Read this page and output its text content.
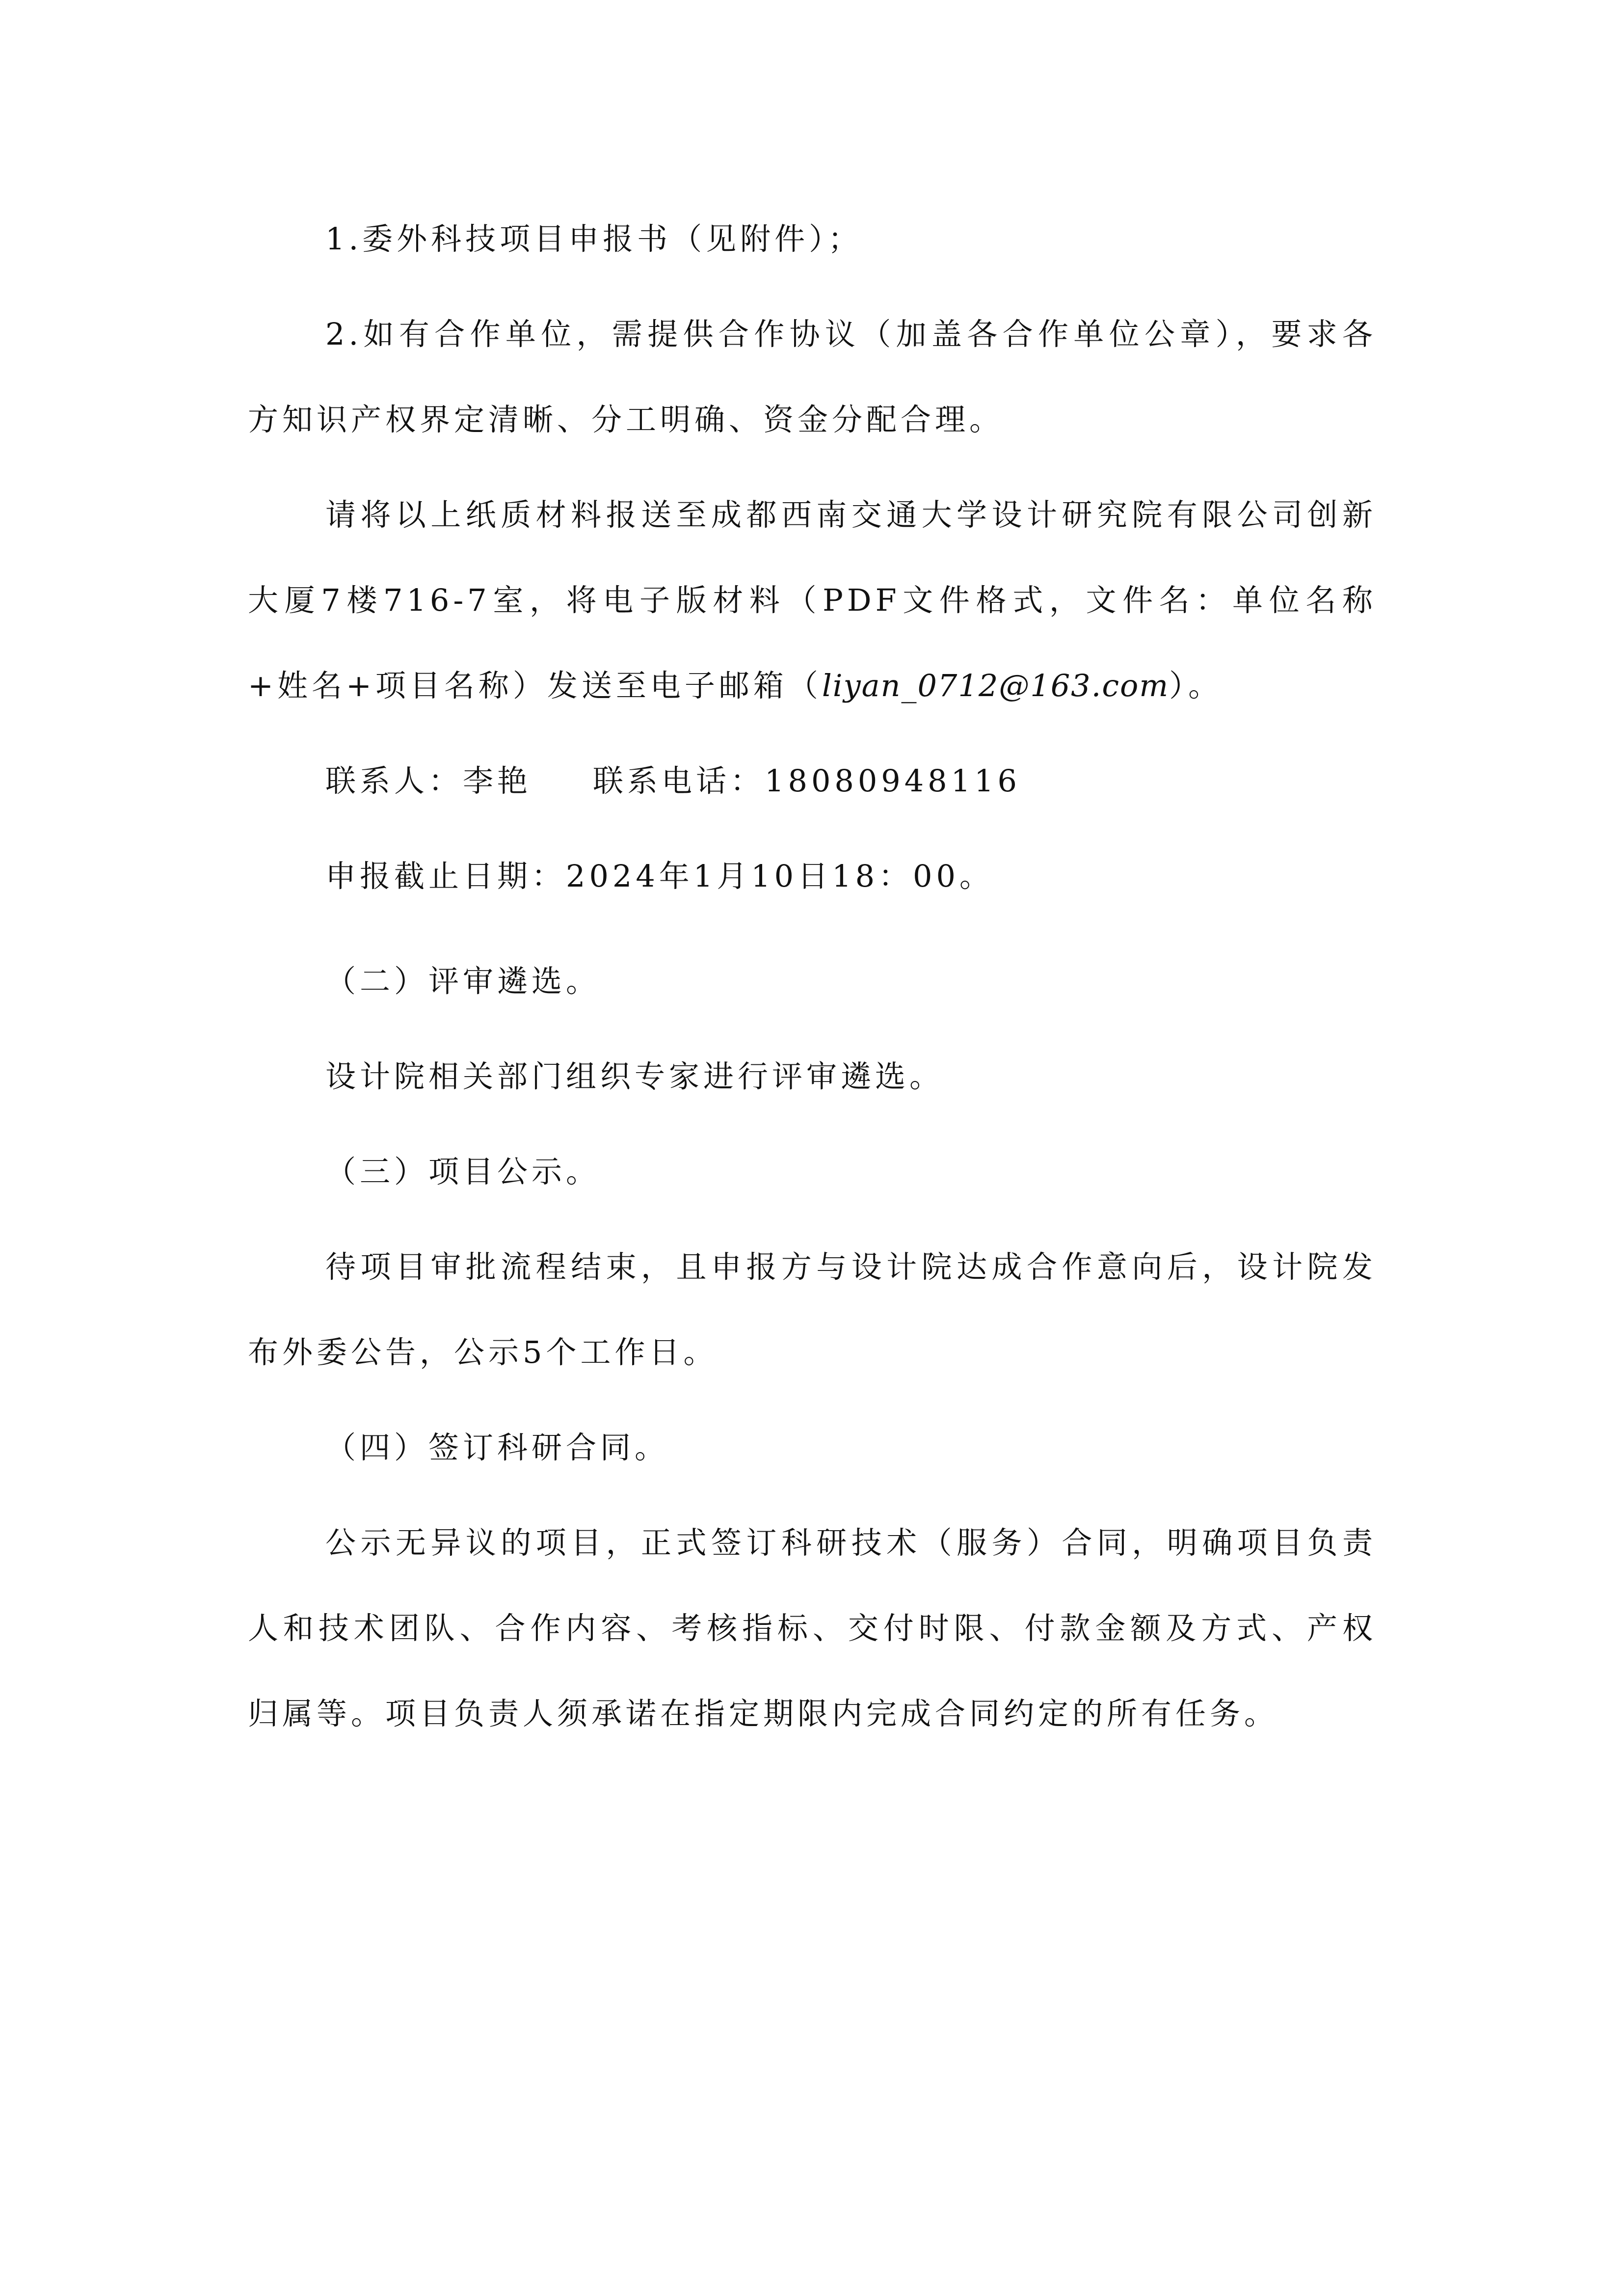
1.委外科技项目申报书（见附件）；

2.如有合作单位，需提供合作协议（加盖各合作单位公章），要求各方知识产权界定清晰、分工明确、资金分配合理。

请将以上纸质材料报送至成都西南交通大学设计研究院有限公司创新大厦7楼716-7室，将电子版材料（PDF文件格式，文件名：单位名称+姓名+项目名称）发送至电子邮箱（liyan_0712@163.com）。

联系人：李艳 联系电话：18080948116

申报截止日期：2024年1月10日18：00。

（二）评审遴选。

设计院相关部门组织专家进行评审遴选。

（三）项目公示。

待项目审批流程结束，且申报方与设计院达成合作意向后，设计院发布外委公告，公示5个工作日。

（四）签订科研合同。

公示无异议的项目，正式签订科研技术（服务）合同，明确项目负责人和技术团队、合作内容、考核指标、交付时限、付款金额及方式、产权归属等。项目负责人须承诺在指定期限内完成合同约定的所有任务。
